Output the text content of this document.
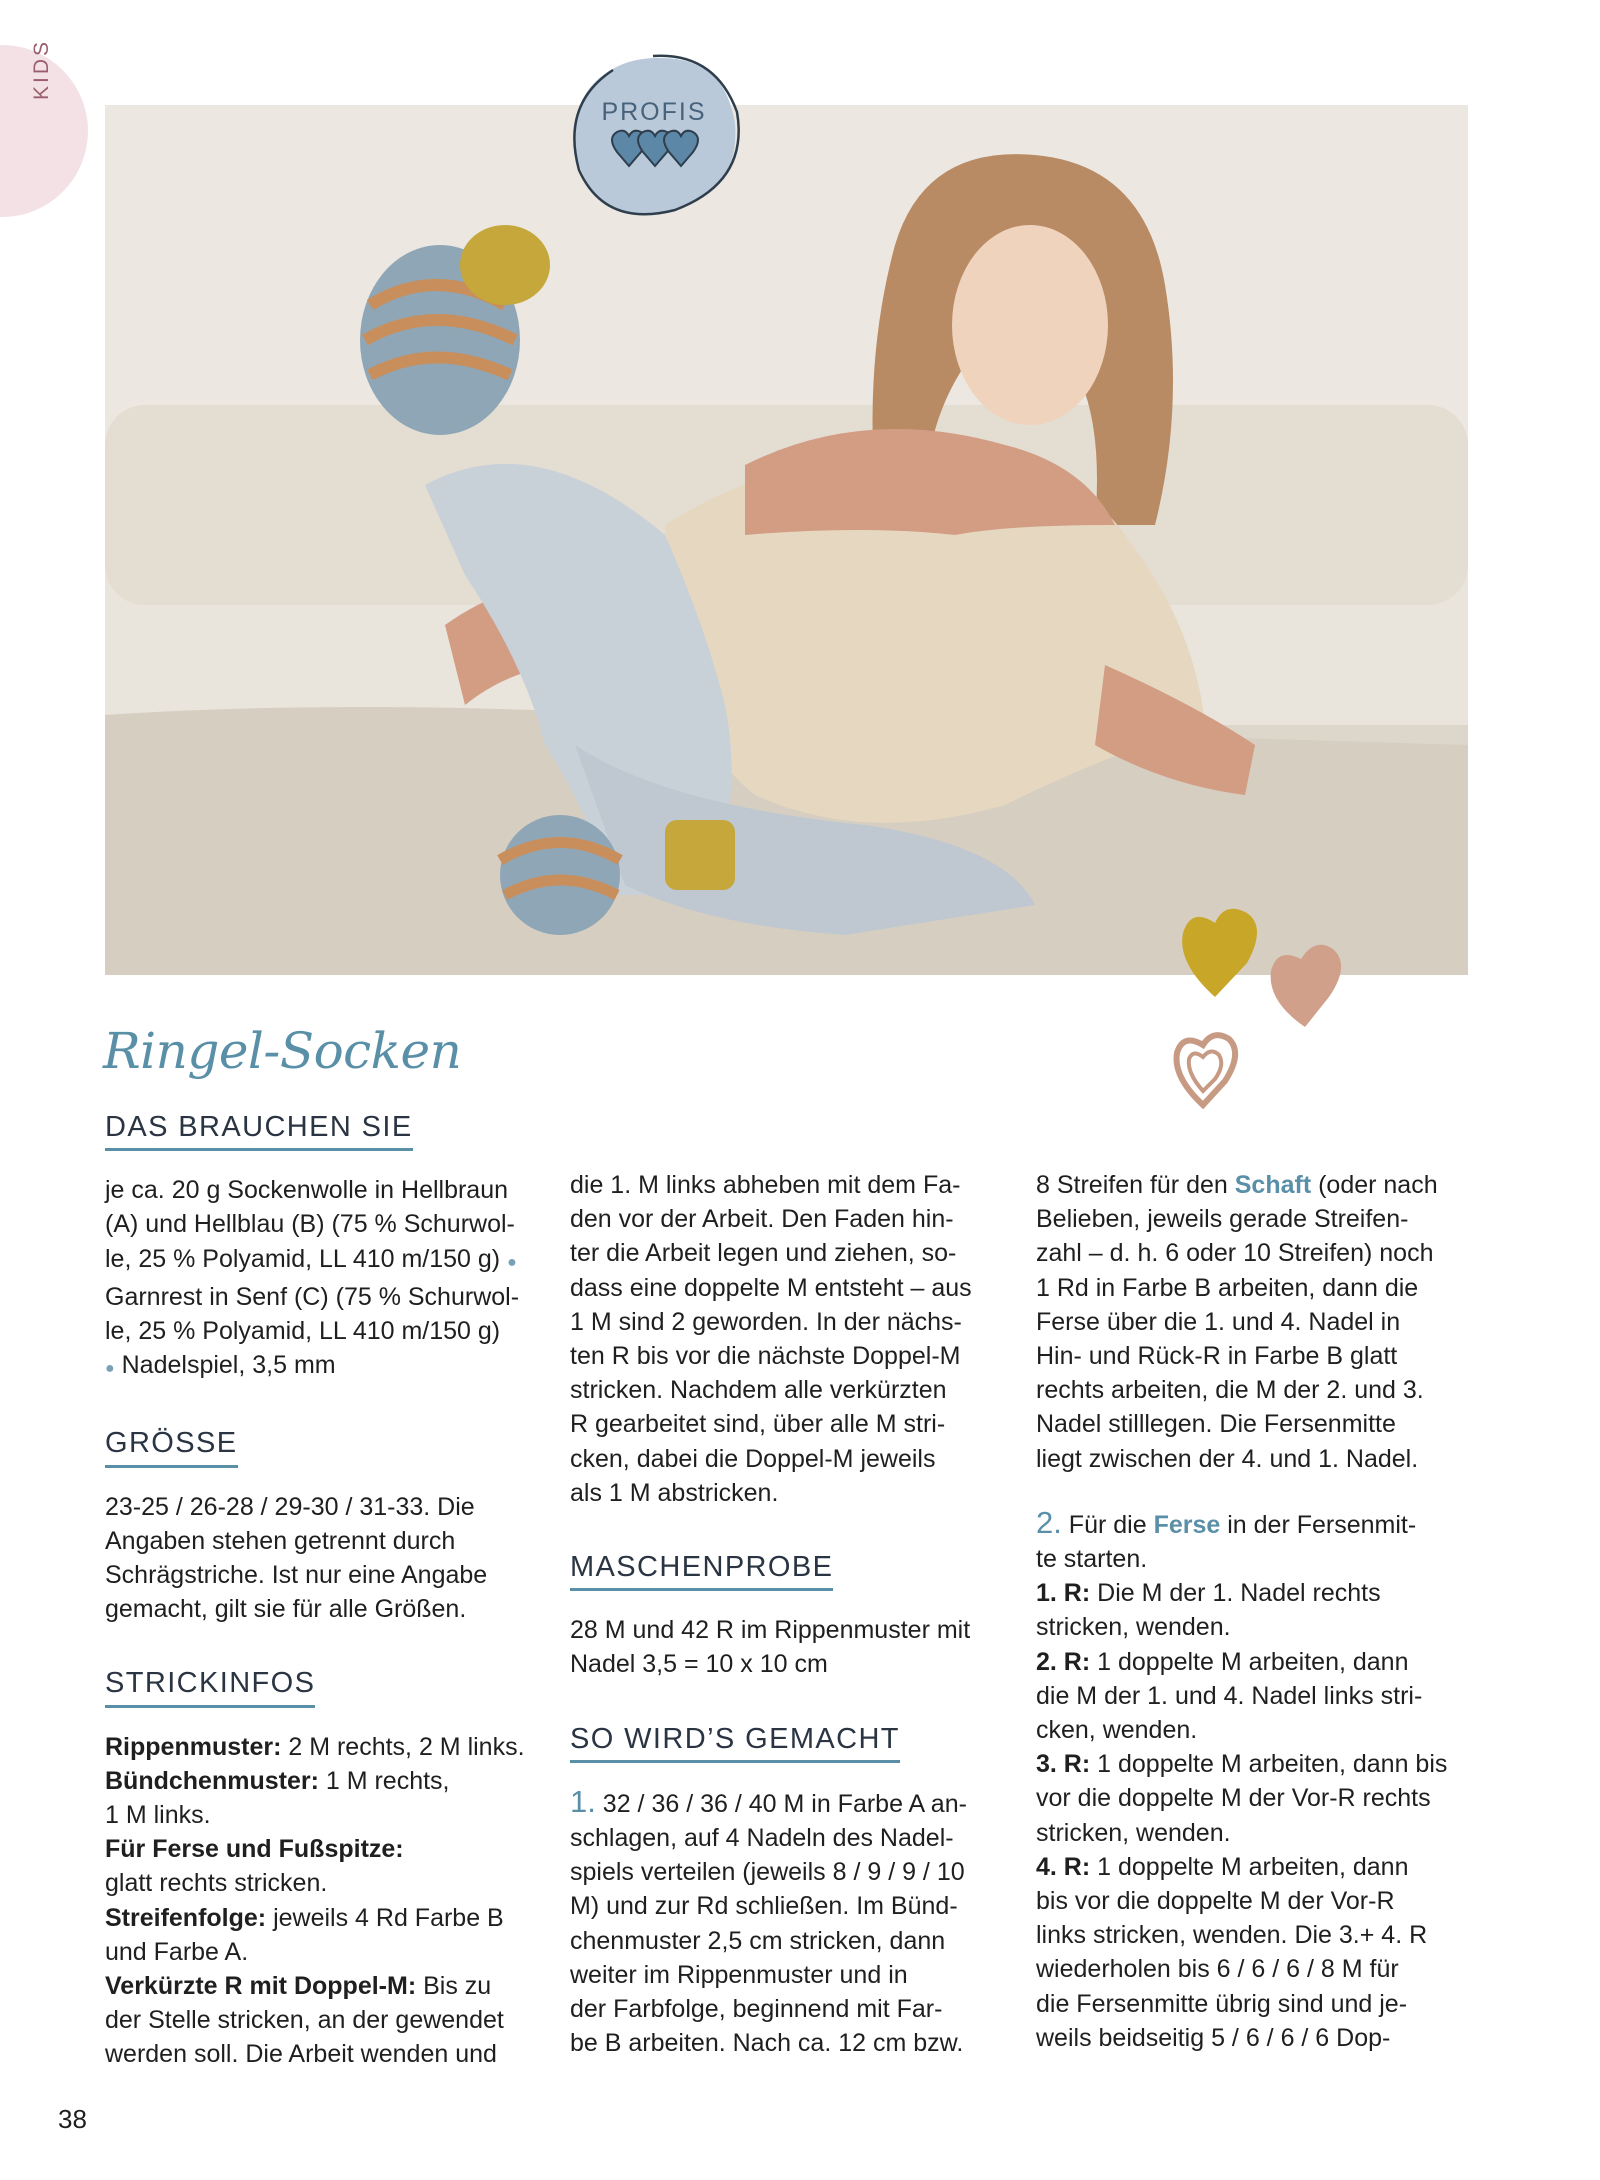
KIDS
PROFIS
Ringel-Socken
DAS BRAUCHEN SIE

je ca. 20 g Sockenwolle in Hellbraun

(A) und Hellblau (B) (75 % Schurwol-

le, 25 % Polyamid, LL 410 m/150 g) ●

Garnrest in Senf (C) (75 % Schurwol-

le, 25 % Polyamid, LL 410 m/150 g)

● Nadelspiel, 3,5 mm

GRÖSSE

23-25 / 26-28 / 29-30 / 31-33. Die

Angaben stehen getrennt durch

Schrägstriche. Ist nur eine Angabe

gemacht, gilt sie für alle Größen.

STRICKINFOS

Rippenmuster: 2 M rechts, 2 M links.

Bündchenmuster: 1 M rechts,

1 M links.

Für Ferse und Fußspitze:

glatt rechts stricken.

Streifenfolge: jeweils 4 Rd Farbe B

und Farbe A.

Verkürzte R mit Doppel-M: Bis zu

der Stelle stricken, an der gewendet

werden soll. Die Arbeit wenden und

die 1. M links abheben mit dem Fa-

den vor der Arbeit. Den Faden hin-

ter die Arbeit legen und ziehen, so-

dass eine doppelte M entsteht – aus

1 M sind 2 geworden. In der nächs-

ten R bis vor die nächste Doppel-M

stricken. Nachdem alle verkürzten

R gearbeitet sind, über alle M stri-

cken, dabei die Doppel-M jeweils

als 1 M abstricken.

MASCHENPROBE

28 M und 42 R im Rippenmuster mit

Nadel 3,5 = 10 x 10 cm

SO WIRD’S GEMACHT

1. 32 / 36 / 36 / 40 M in Farbe A an-

schlagen, auf 4 Nadeln des Nadel-

spiels verteilen (jeweils 8 / 9 / 9 / 10

M) und zur Rd schließen. Im Bünd-

chenmuster 2,5 cm stricken, dann

weiter im Rippenmuster und in

der Farbfolge, beginnend mit Far-

be B arbeiten. Nach ca. 12 cm bzw.

8 Streifen für den Schaft (oder nach

Belieben, jeweils gerade Streifen-

zahl – d. h. 6 oder 10 Streifen) noch

1 Rd in Farbe B arbeiten, dann die

Ferse über die 1. und 4. Nadel in

Hin- und Rück-R in Farbe B glatt

rechts arbeiten, die M der 2. und 3.

Nadel stilllegen. Die Fersenmitte

liegt zwischen der 4. und 1. Nadel.

2. Für die Ferse in der Fersenmit-

te starten.

1. R: Die M der 1. Nadel rechts

stricken, wenden.

2. R: 1 doppelte M arbeiten, dann

die M der 1. und 4. Nadel links stri-

cken, wenden.

3. R: 1 doppelte M arbeiten, dann bis

vor die doppelte M der Vor-R rechts

stricken, wenden.

4. R: 1 doppelte M arbeiten, dann

bis vor die doppelte M der Vor-R

links stricken, wenden. Die 3.+ 4. R

wiederholen bis 6 / 6 / 6 / 8 M für

die Fersenmitte übrig sind und je-

weils beidseitig 5 / 6 / 6 / 6 Dop-

38
